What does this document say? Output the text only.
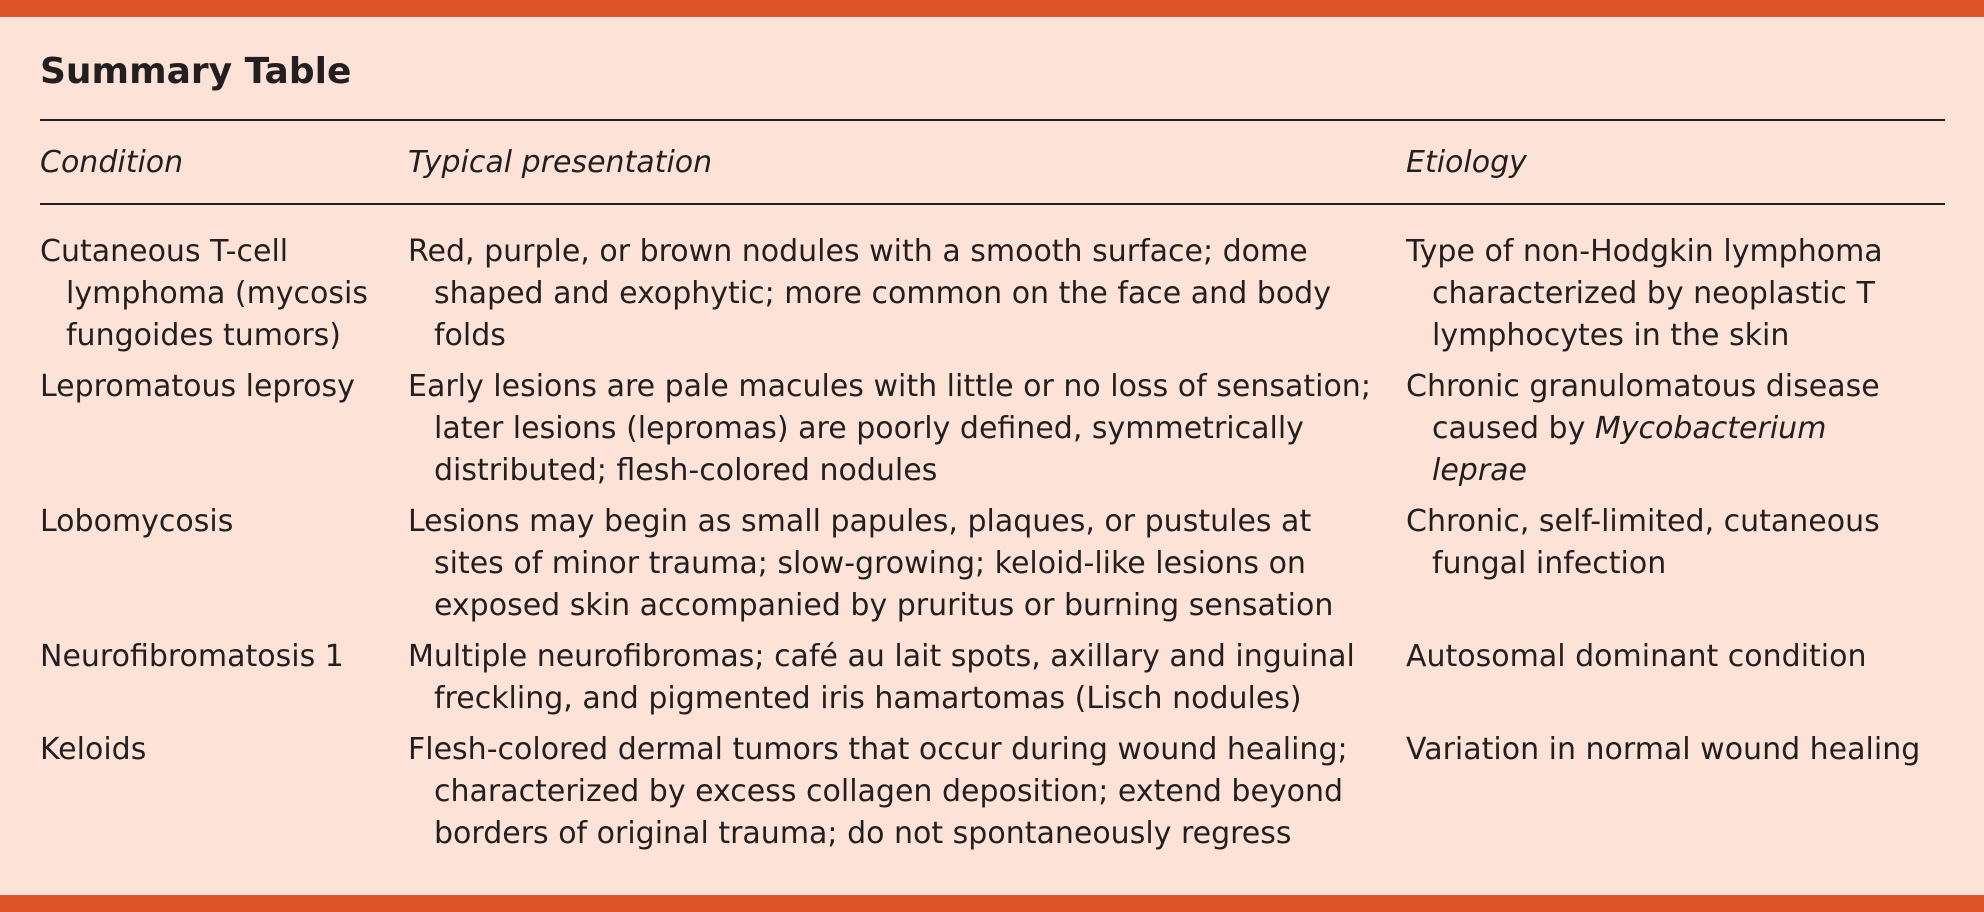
Summary Table
Condition	Typical presentation	Etiology
Cutaneous T-cell lymphoma (mycosis fungoides tumors)	Red, purple, or brown nodules with a smooth surface; dome shaped and exophytic; more common on the face and body folds	Type of non-Hodgkin lymphoma characterized by neoplastic T lymphocytes in the skin
Lepromatous leprosy	Early lesions are pale macules with little or no loss of sensation; later lesions (lepromas) are poorly defined, symmetrically distributed; flesh-colored nodules	Chronic granulomatous disease caused by Mycobacterium leprae
Lobomycosis	Lesions may begin as small papules, plaques, or pustules at sites of minor trauma; slow-growing; keloid-like lesions on exposed skin accompanied by pruritus or burning sensation	Chronic, self-limited, cutaneous fungal infection
Neurofibromatosis 1	Multiple neurofibromas; café au lait spots, axillary and inguinal freckling, and pigmented iris hamartomas (Lisch nodules)	Autosomal dominant condition
Keloids	Flesh-colored dermal tumors that occur during wound healing; characterized by excess collagen deposition; extend beyond borders of original trauma; do not spontaneously regress	Variation in normal wound healing
